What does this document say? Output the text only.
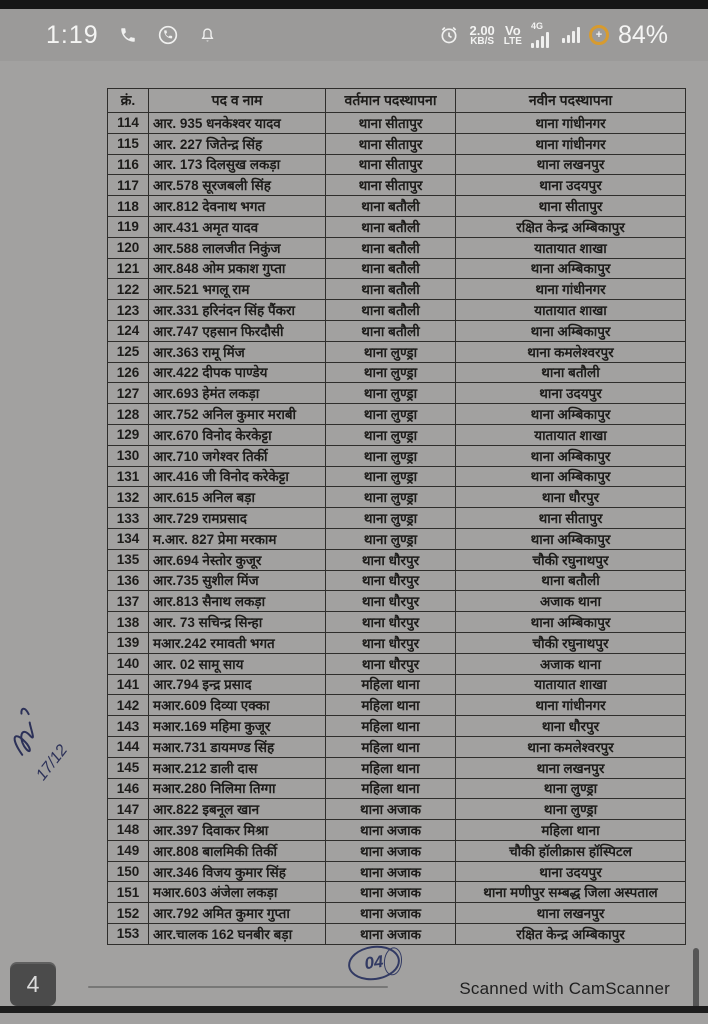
1:19	2.00
KB/S
Vo
LTE
4G
+ 84%
क्रं.	पद व नाम	वर्तमान पदस्थापना	नवीन पदस्थापना
114	आर. 935 धनकेश्वर यादव	थाना सीतापुर	थाना गांधीनगर
115	आर. 227 जितेन्द्र सिंह	थाना सीतापुर	थाना गांधीनगर
116	आर. 173 दिलसुख लकड़ा	थाना सीतापुर	थाना लखनपुर
117	आर.578 सूरजबली सिंह	थाना सीतापुर	थाना उदयपुर
118	आर.812 देवनाथ भगत	थाना बतौली	थाना सीतापुर
119	आर.431 अमृत यादव	थाना बतौली	रक्षित केन्द्र अम्बिकापुर
120	आर.588 लालजीत निकुंज	थाना बतौली	यातायात शाखा
121	आर.848 ओम प्रकाश गुप्ता	थाना बतौली	थाना अम्बिकापुर
122	आर.521 भगलू राम	थाना बतौली	थाना गांधीनगर
123	आर.331 हरिनंदन सिंह पैंकरा	थाना बतौली	यातायात शाखा
124	आर.747 एहसान फिरदौसी	थाना बतौली	थाना अम्बिकापुर
125	आर.363 रामू मिंज	थाना लुण्ड्रा	थाना कमलेश्वरपुर
126	आर.422 दीपक पाण्डेय	थाना लुण्ड्रा	थाना बतौली
127	आर.693 हेमंत लकड़ा	थाना लुण्ड्रा	थाना उदयपुर
128	आर.752 अनिल कुमार मराबी	थाना लुण्ड्रा	थाना अम्बिकापुर
129	आर.670 विनोद केरकेट्टा	थाना लुण्ड्रा	यातायात शाखा
130	आर.710 जगेश्वर तिर्की	थाना लुण्ड्रा	थाना अम्बिकापुर
131	आर.416 जी विनोद करेकेट्टा	थाना लुण्ड्रा	थाना अम्बिकापुर
132	आर.615 अनिल बड़ा	थाना लुण्ड्रा	थाना धौरपुर
133	आर.729 रामप्रसाद	थाना लुण्ड्रा	थाना सीतापुर
134	म.आर. 827 प्रेमा मरकाम	थाना लुण्ड्रा	थाना अम्बिकापुर
135	आर.694 नेस्तोर कुजूर	थाना धौरपुर	चौकी रघुनाथपुर
136	आर.735 सुशील मिंज	थाना धौरपुर	थाना बतौली
137	आर.813 सैनाथ लकड़ा	थाना धौरपुर	अजाक थाना
138	आर. 73 सचिन्द्र सिन्हा	थाना धौरपुर	थाना अम्बिकापुर
139	मआर.242 रमावती भगत	थाना धौरपुर	चौकी रघुनाथपुर
140	आर. 02 सामू साय	थाना धौरपुर	अजाक थाना
141	आर.794 इन्द्र प्रसाद	महिला थाना	यातायात शाखा
142	मआर.609 दिव्या एक्का	महिला थाना	थाना गांधीनगर
143	मआर.169 महिमा कुजूर	महिला थाना	थाना धौरपुर
144	मआर.731 डायमण्ड सिंह	महिला थाना	थाना कमलेश्वरपुर
145	मआर.212 डाली दास	महिला थाना	थाना लखनपुर
146	मआर.280 निलिमा तिग्गा	महिला थाना	थाना लुण्ड्रा
147	आर.822 इबनूल खान	थाना अजाक	थाना लुण्ड्रा
148	आर.397 दिवाकर मिश्रा	थाना अजाक	महिला थाना
149	आर.808 बालमिकी तिर्की	थाना अजाक	चौकी हॉलीक्रास हॉस्पिटल
150	आर.346 विजय कुमार सिंह	थाना अजाक	थाना उदयपुर
151	मआर.603 अंजेला लकड़ा	थाना अजाक	थाना मणीपुर सम्बद्ध जिला अस्पताल
152	आर.792 अमित कुमार गुप्ता	थाना अजाक	थाना लखनपुर
153	आर.चालक 162 घनबीर बड़ा	थाना अजाक	रक्षित केन्द्र अम्बिकापुर
17/12
04
4	Scanned with CamScanner
